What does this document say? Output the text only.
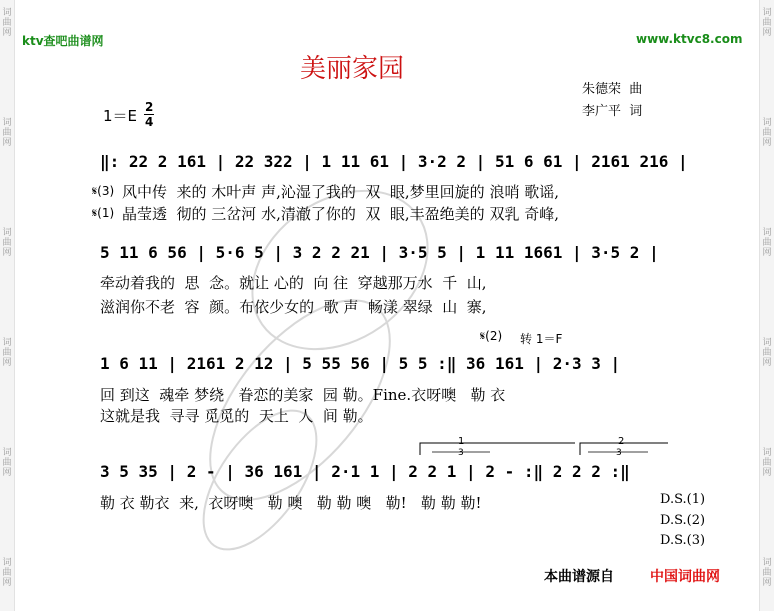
词曲网
词曲网
词曲网
词曲网
词曲网
词曲网
词曲网
词曲网
词曲网
词曲网
词曲网
词曲网
ktv查吧曲谱网	www.ktvc8.com
美丽家园
朱德荣  曲
李广平  词
1＝E 2
4
‖: 22 2 161 | 22 322 | 1 11 61 | 3·2 2 | 51 6 61 | 2161 216 |
𝄋(3) 风中传  来的 木叶声 声,沁湿了我的  双  眼,梦里回旋的 浪哨 歌谣,
𝄋(1) 晶莹透  彻的 三岔河 水,清澈了你的  双  眼,丰盈绝美的 双乳 奇峰,
5 11 6 56 | 5·6 5 | 3 2 2 21 | 3·5 5 | 1 11 1661 | 3·5 2 |
牵动着我的  思  念。就让 心的  向 往  穿越那万水  千  山,
滋润你不老  容  颜。布依少女的  歌 声  畅漾 翠绿  山  寨,
𝄋(2) 转 1＝F
1 6 11 | 2161 2 12 | 5 55 56 | 5 5 :‖ 36 161 | 2·3 3 |
回 到这  魂牵 梦绕   眷恋的美家  园 勒。Fine.衣呀噢   勒 衣
这就是我  寻寻 觅觅的  天上  人  间 勒。
1	2
3	3
3 5 35 | 2 - | 36 161 | 2·1 1 | 2 2 1 | 2 - :‖ 2 2 2 :‖
勒 衣 勒衣  来,  衣呀噢   勒 噢   勒 勒 噢   勒!   勒 勒 勒!	D.S.(1)
D.S.(2)
D.S.(3)
本曲谱源自	中国词曲网
